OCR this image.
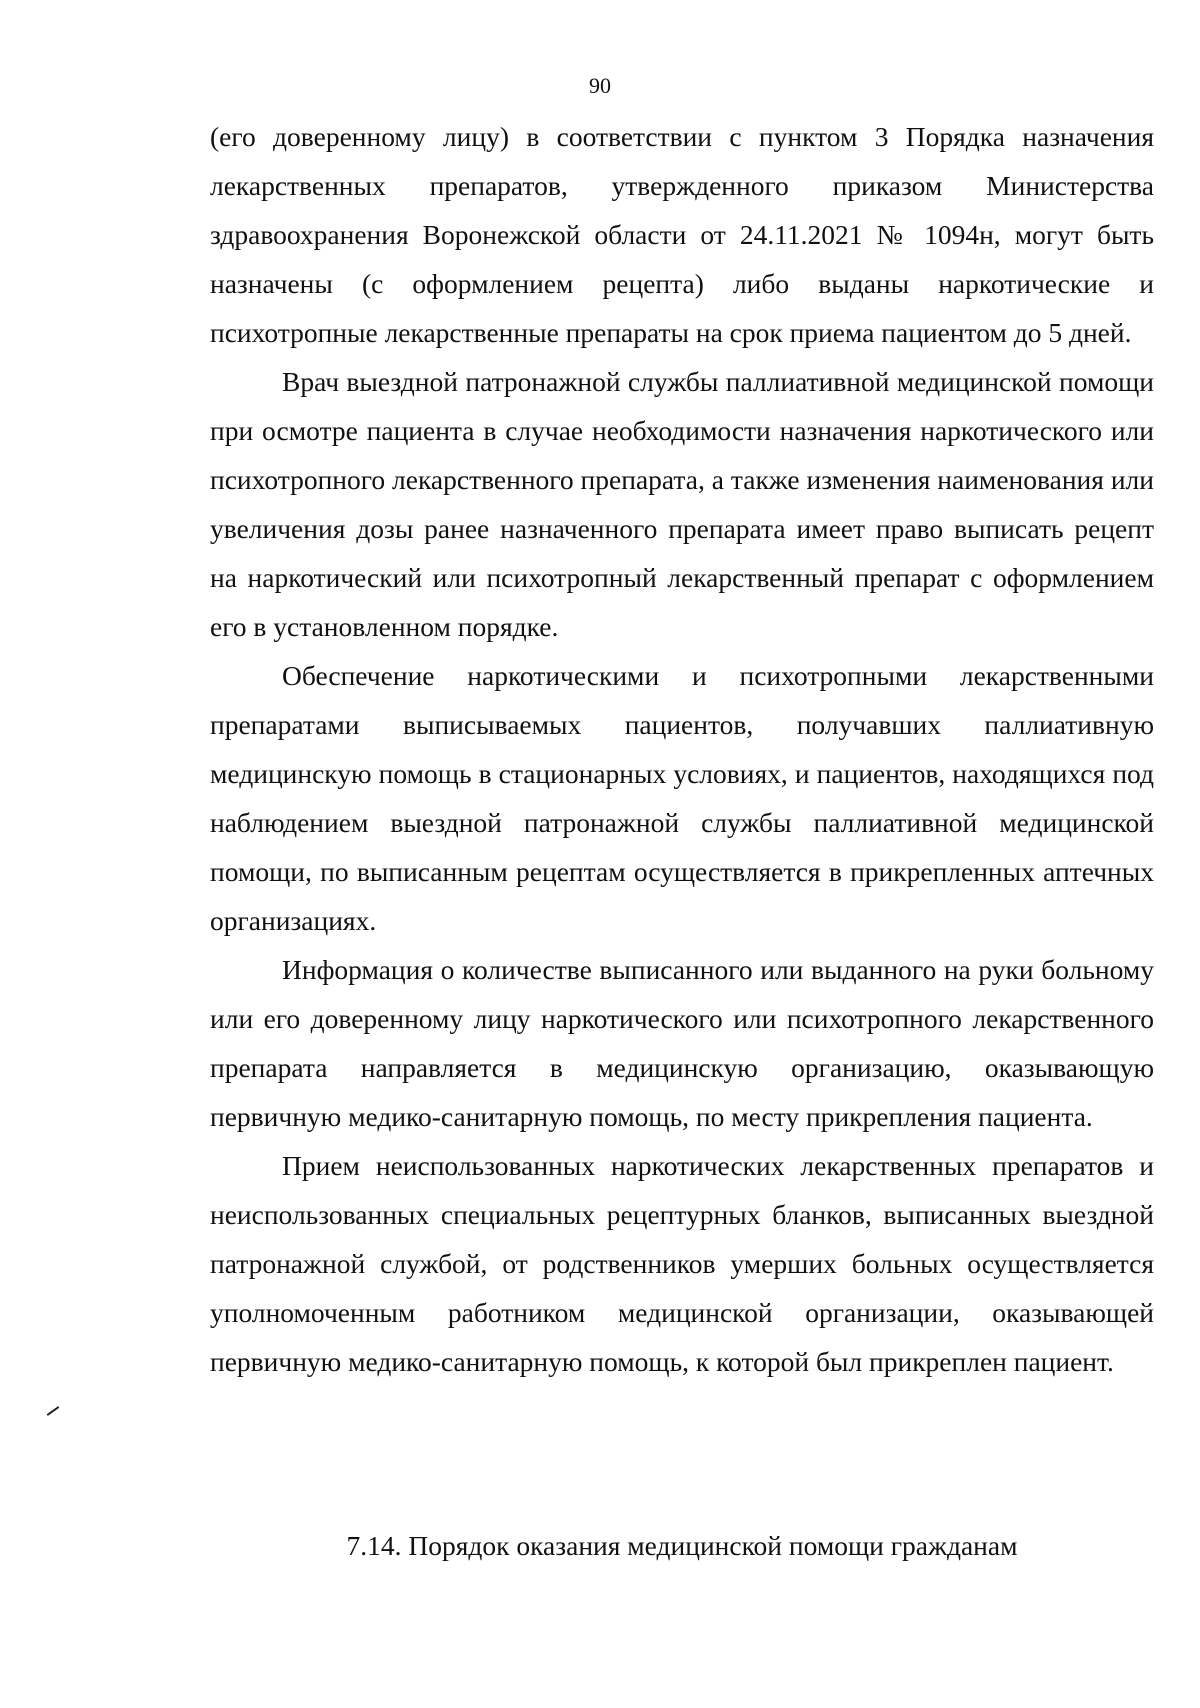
90

(его доверенному лицу) в соответствии с пунктом 3 Порядка назначения лекарственных препаратов, утвержденного приказом Министерства здравоохранения Воронежской области от 24.11.2021 № 1094н, могут быть назначены (с оформлением рецепта) либо выданы наркотические и психотропные лекарственные препараты на срок приема пациентом до 5 дней.

Врач выездной патронажной службы паллиативной медицинской помощи при осмотре пациента в случае необходимости назначения наркотического или психотропного лекарственного препарата, а также изменения наименования или увеличения дозы ранее назначенного препарата имеет право выписать рецепт на наркотический или психотропный лекарственный препарат с оформлением его в установленном порядке.

Обеспечение наркотическими и психотропными лекарственными препаратами выписываемых пациентов, получавших паллиативную медицинскую помощь в стационарных условиях, и пациентов, находящихся под наблюдением выездной патронажной службы паллиативной медицинской помощи, по выписанным рецептам осуществляется в прикрепленных аптечных организациях.

Информация о количестве выписанного или выданного на руки больному или его доверенному лицу наркотического или психотропного лекарственного препарата направляется в медицинскую организацию, оказывающую первичную медико-санитарную помощь, по месту прикрепления пациента.

Прием неиспользованных наркотических лекарственных препаратов и неиспользованных специальных рецептурных бланков, выписанных выездной патронажной службой, от родственников умерших больных осуществляется уполномоченным работником медицинской организации, оказывающей первичную медико-санитарную помощь, к которой был прикреплен пациент.

7.14. Порядок оказания медицинской помощи гражданам
